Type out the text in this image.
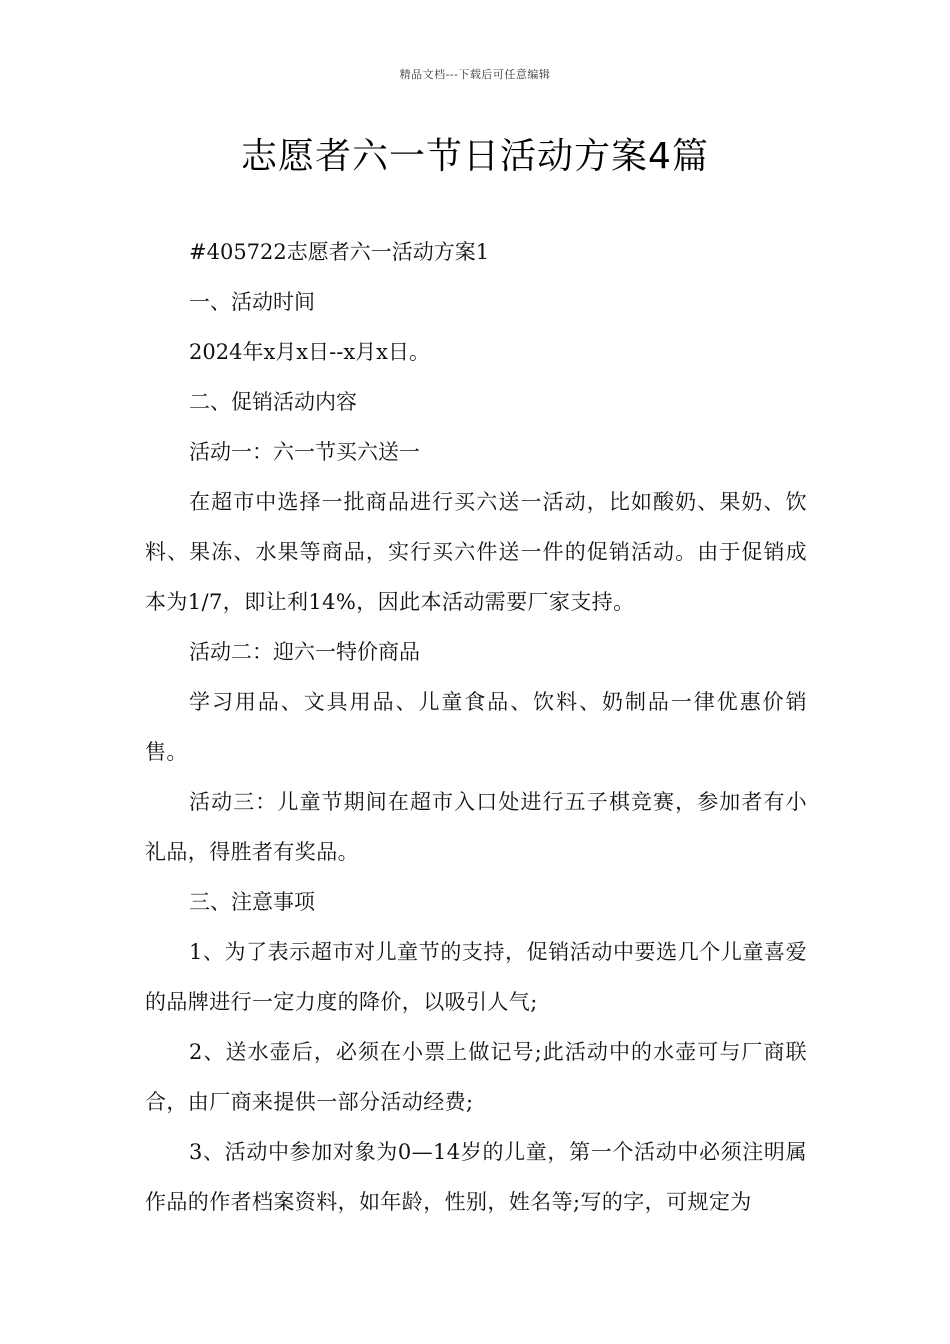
精品文档---下载后可任意编辑
志愿者六一节日活动方案4篇

#405722志愿者六一活动方案1

一、活动时间

2024年x月x日--x月x日。

二、促销活动内容

活动一：六一节买六送一

在超市中选择一批商品进行买六送一活动，比如酸奶、果奶、饮料、果冻、水果等商品，实行买六件送一件的促销活动。由于促销成本为1/7，即让利14%，因此本活动需要厂家支持。

活动二：迎六一特价商品

学习用品、文具用品、儿童食品、饮料、奶制品一律优惠价销售。

活动三：儿童节期间在超市入口处进行五子棋竞赛，参加者有小礼品，得胜者有奖品。

三、注意事项

1、为了表示超市对儿童节的支持，促销活动中要选几个儿童喜爱的品牌进行一定力度的降价，以吸引人气;

2、送水壶后，必须在小票上做记号;此活动中的水壶可与厂商联合，由厂商来提供一部分活动经费;

3、活动中参加对象为0—14岁的儿童，第一个活动中必须注明属作品的作者档案资料，如年龄，性别，姓名等;写的字，可规定为
